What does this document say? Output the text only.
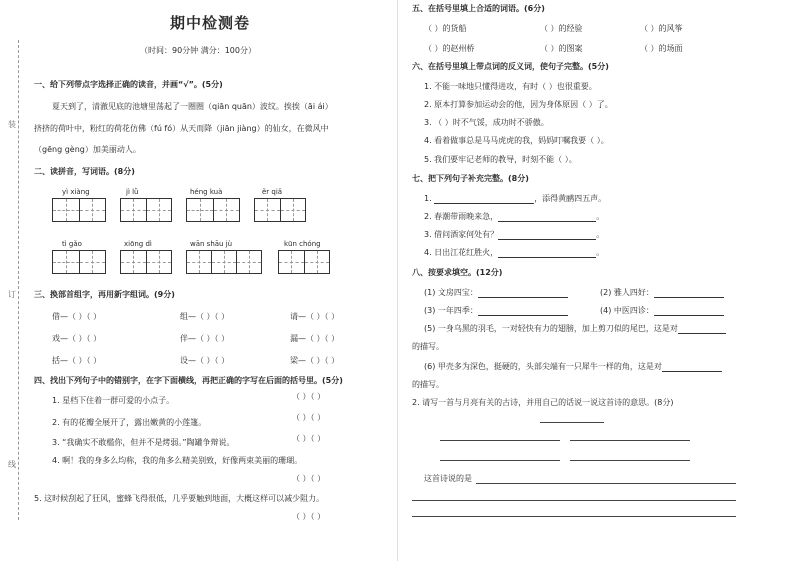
装
订
线
期中检测卷
（时间：90分钟 满分：100分）
一、给下列带点字选择正确的读音，并画“√”。(5分)
夏天到了，清澈见底的池塘里荡起了一圈圈（qiān quān）波纹。挨挨（āi ái）
挤挤的荷叶中，粉红的荷花仿佛（fú fó）从天而降（jiān jiàng）的仙女，在微风中
（gēng gèng）加美丽动人。
二、读拼音，写词语。(8分)
yì xiàng	jì lǜ	héng kuà	ěr qiǎ
tì gǎo	xiōng dì	wān shāu jù	kūn chóng
三、换部首组字，再用新字组词。(9分)
借—（ ）（ ）	组—（ ）（ ）	请—（ ）（ ）
戏—（ ）（ ）	伴—（ ）（ ）	漏—（ ）（ ）
括—（ ）（ ）	设—（ ）（ ）	梁—（ ）（ ）
四、找出下列句子中的错别字，在字下面横线，再把正确的字写在后面的括号里。(5分)
1. 星档下住着一群可爱的小点子。	（ ）（ ）
2. 有的花瓣全展开了，露出嫩黄的小莲篷。
（ ）（ ）
3. “我确实不敢槛你，但并不是烤弱。”陶罐争辩说。	（ ）（ ）
4. 啊！我的身多么均称，我的角多么精美别致，好像两束美丽的珊瑚。
（ ）（ ）
5. 这时候刮起了狂风，蜜蜂飞得很低，几乎要触到地面，大概这样可以减少阻力。
（ ）（ ）
五、在括号里填上合适的词语。(6分)
（ ）的货船	（ ）的经验	（ ）的风筝
（ ）的赵州桥	（ ）的图案	（ ）的场面
六、在括号里填上带点词的反义词，使句子完整。(5分)
1. 不能一味地只懂得进攻，有时（ ）也很重要。
2. 原本打算参加运动会的他，因为身体原因（ ）了。
3. （ ）时不气馁，成功时不骄傲。
4. 看着做事总是马马虎虎的我，妈妈叮嘱我要（ ）。
5. 我们要牢记老师的教导，时刻不能（ ）。
七、把下列句子补充完整。(8分)
1.	，添得黄鹂四五声。
2. 春潮带雨晚来急，	。
3. 借问酒家何处有？	。
4. 日出江花红胜火，	。
八、按要求填空。(12分)
(1) 文房四宝：	(2) 雅人四好：
(3) 一年四季：	(4) 中医四诊：
(5) 一身乌黑的羽毛，一对轻快有力的翅膀，加上剪刀似的尾巴，这是对
的描写。
(6) 甲壳多为深色，挺硬的，头部尖端有一只犀牛一样的角，这是对
的描写。
2. 请写一首与月亮有关的古诗，并用自己的话说一说这首诗的意思。(8分)
这首诗说的是
